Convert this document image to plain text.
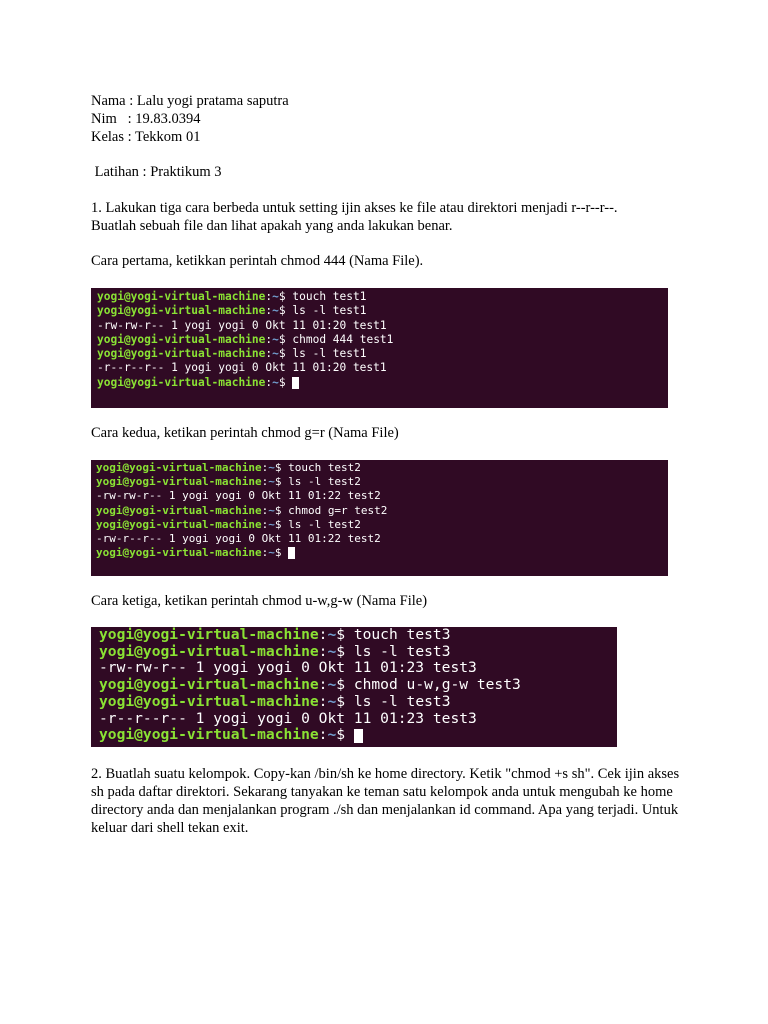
Nama : Lalu yogi pratama saputra
Nim   : 19.83.0394
Kelas : Tekkom 01
Latihan : Praktikum 3
1. Lakukan tiga cara berbeda untuk setting ijin akses ke file atau direktori menjadi r--r--r--.
Buatlah sebuah file dan lihat apakah yang anda lakukan benar.
Cara pertama, ketikkan perintah chmod 444 (Nama File).
Cara kedua, ketikan perintah chmod g=r (Nama File)
Cara ketiga, ketikan perintah chmod u-w,g-w (Nama File)
2. Buatlah suatu kelompok. Copy-kan /bin/sh ke home directory. Ketik "chmod +s sh". Cek ijin akses sh pada daftar direktori. Sekarang tanyakan ke teman satu kelompok anda untuk mengubah ke home directory anda dan menjalankan program ./sh dan menjalankan id command. Apa yang terjadi. Untuk keluar dari shell tekan exit.
yogi@yogi-virtual-machine:~$ touch test1
yogi@yogi-virtual-machine:~$ ls -l test1
-rw-rw-r-- 1 yogi yogi 0 Okt 11 01:20 test1
yogi@yogi-virtual-machine:~$ chmod 444 test1
yogi@yogi-virtual-machine:~$ ls -l test1
-r--r--r-- 1 yogi yogi 0 Okt 11 01:20 test1
yogi@yogi-virtual-machine:~$
yogi@yogi-virtual-machine:~$ touch test2
yogi@yogi-virtual-machine:~$ ls -l test2
-rw-rw-r-- 1 yogi yogi 0 Okt 11 01:22 test2
yogi@yogi-virtual-machine:~$ chmod g=r test2
yogi@yogi-virtual-machine:~$ ls -l test2
-rw-r--r-- 1 yogi yogi 0 Okt 11 01:22 test2
yogi@yogi-virtual-machine:~$
yogi@yogi-virtual-machine:~$ touch test3
yogi@yogi-virtual-machine:~$ ls -l test3
-rw-rw-r-- 1 yogi yogi 0 Okt 11 01:23 test3
yogi@yogi-virtual-machine:~$ chmod u-w,g-w test3
yogi@yogi-virtual-machine:~$ ls -l test3
-r--r--r-- 1 yogi yogi 0 Okt 11 01:23 test3
yogi@yogi-virtual-machine:~$
